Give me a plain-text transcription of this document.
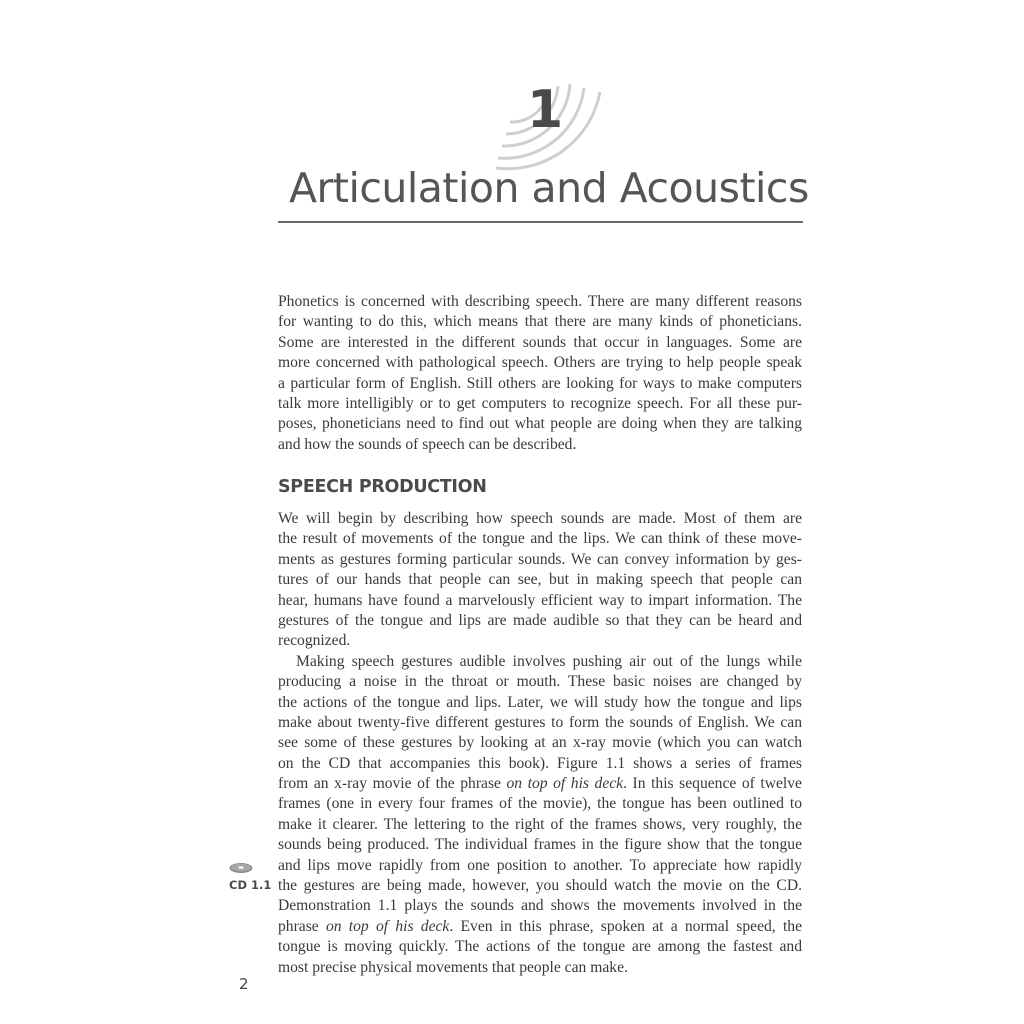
1
Articulation and Acoustics
Phonetics is concerned with describing speech. There are many different reasons
for wanting to do this, which means that there are many kinds of phoneticians.
Some are interested in the different sounds that occur in languages. Some are
more concerned with pathological speech. Others are trying to help people speak
a particular form of English. Still others are looking for ways to make computers
talk more intelligibly or to get computers to recognize speech. For all these pur-
poses, phoneticians need to find out what people are doing when they are talking
and how the sounds of speech can be described.
SPEECH PRODUCTION
We will begin by describing how speech sounds are made. Most of them are
the result of movements of the tongue and the lips. We can think of these move-
ments as gestures forming particular sounds. We can convey information by ges-
tures of our hands that people can see, but in making speech that people can
hear, humans have found a marvelously efficient way to impart information. The
gestures of the tongue and lips are made audible so that they can be heard and
recognized.
Making speech gestures audible involves pushing air out of the lungs while
producing a noise in the throat or mouth. These basic noises are changed by
the actions of the tongue and lips. Later, we will study how the tongue and lips
make about twenty-five different gestures to form the sounds of English. We can
see some of these gestures by looking at an x-ray movie (which you can watch
on the CD that accompanies this book). Figure 1.1 shows a series of frames
from an x-ray movie of the phrase on top of his deck. In this sequence of twelve
frames (one in every four frames of the movie), the tongue has been outlined to
make it clearer. The lettering to the right of the frames shows, very roughly, the
sounds being produced. The individual frames in the figure show that the tongue
and lips move rapidly from one position to another. To appreciate how rapidly
the gestures are being made, however, you should watch the movie on the CD.
Demonstration 1.1 plays the sounds and shows the movements involved in the
phrase on top of his deck. Even in this phrase, spoken at a normal speed, the
tongue is moving quickly. The actions of the tongue are among the fastest and
most precise physical movements that people can make.
CD 1.1
2
